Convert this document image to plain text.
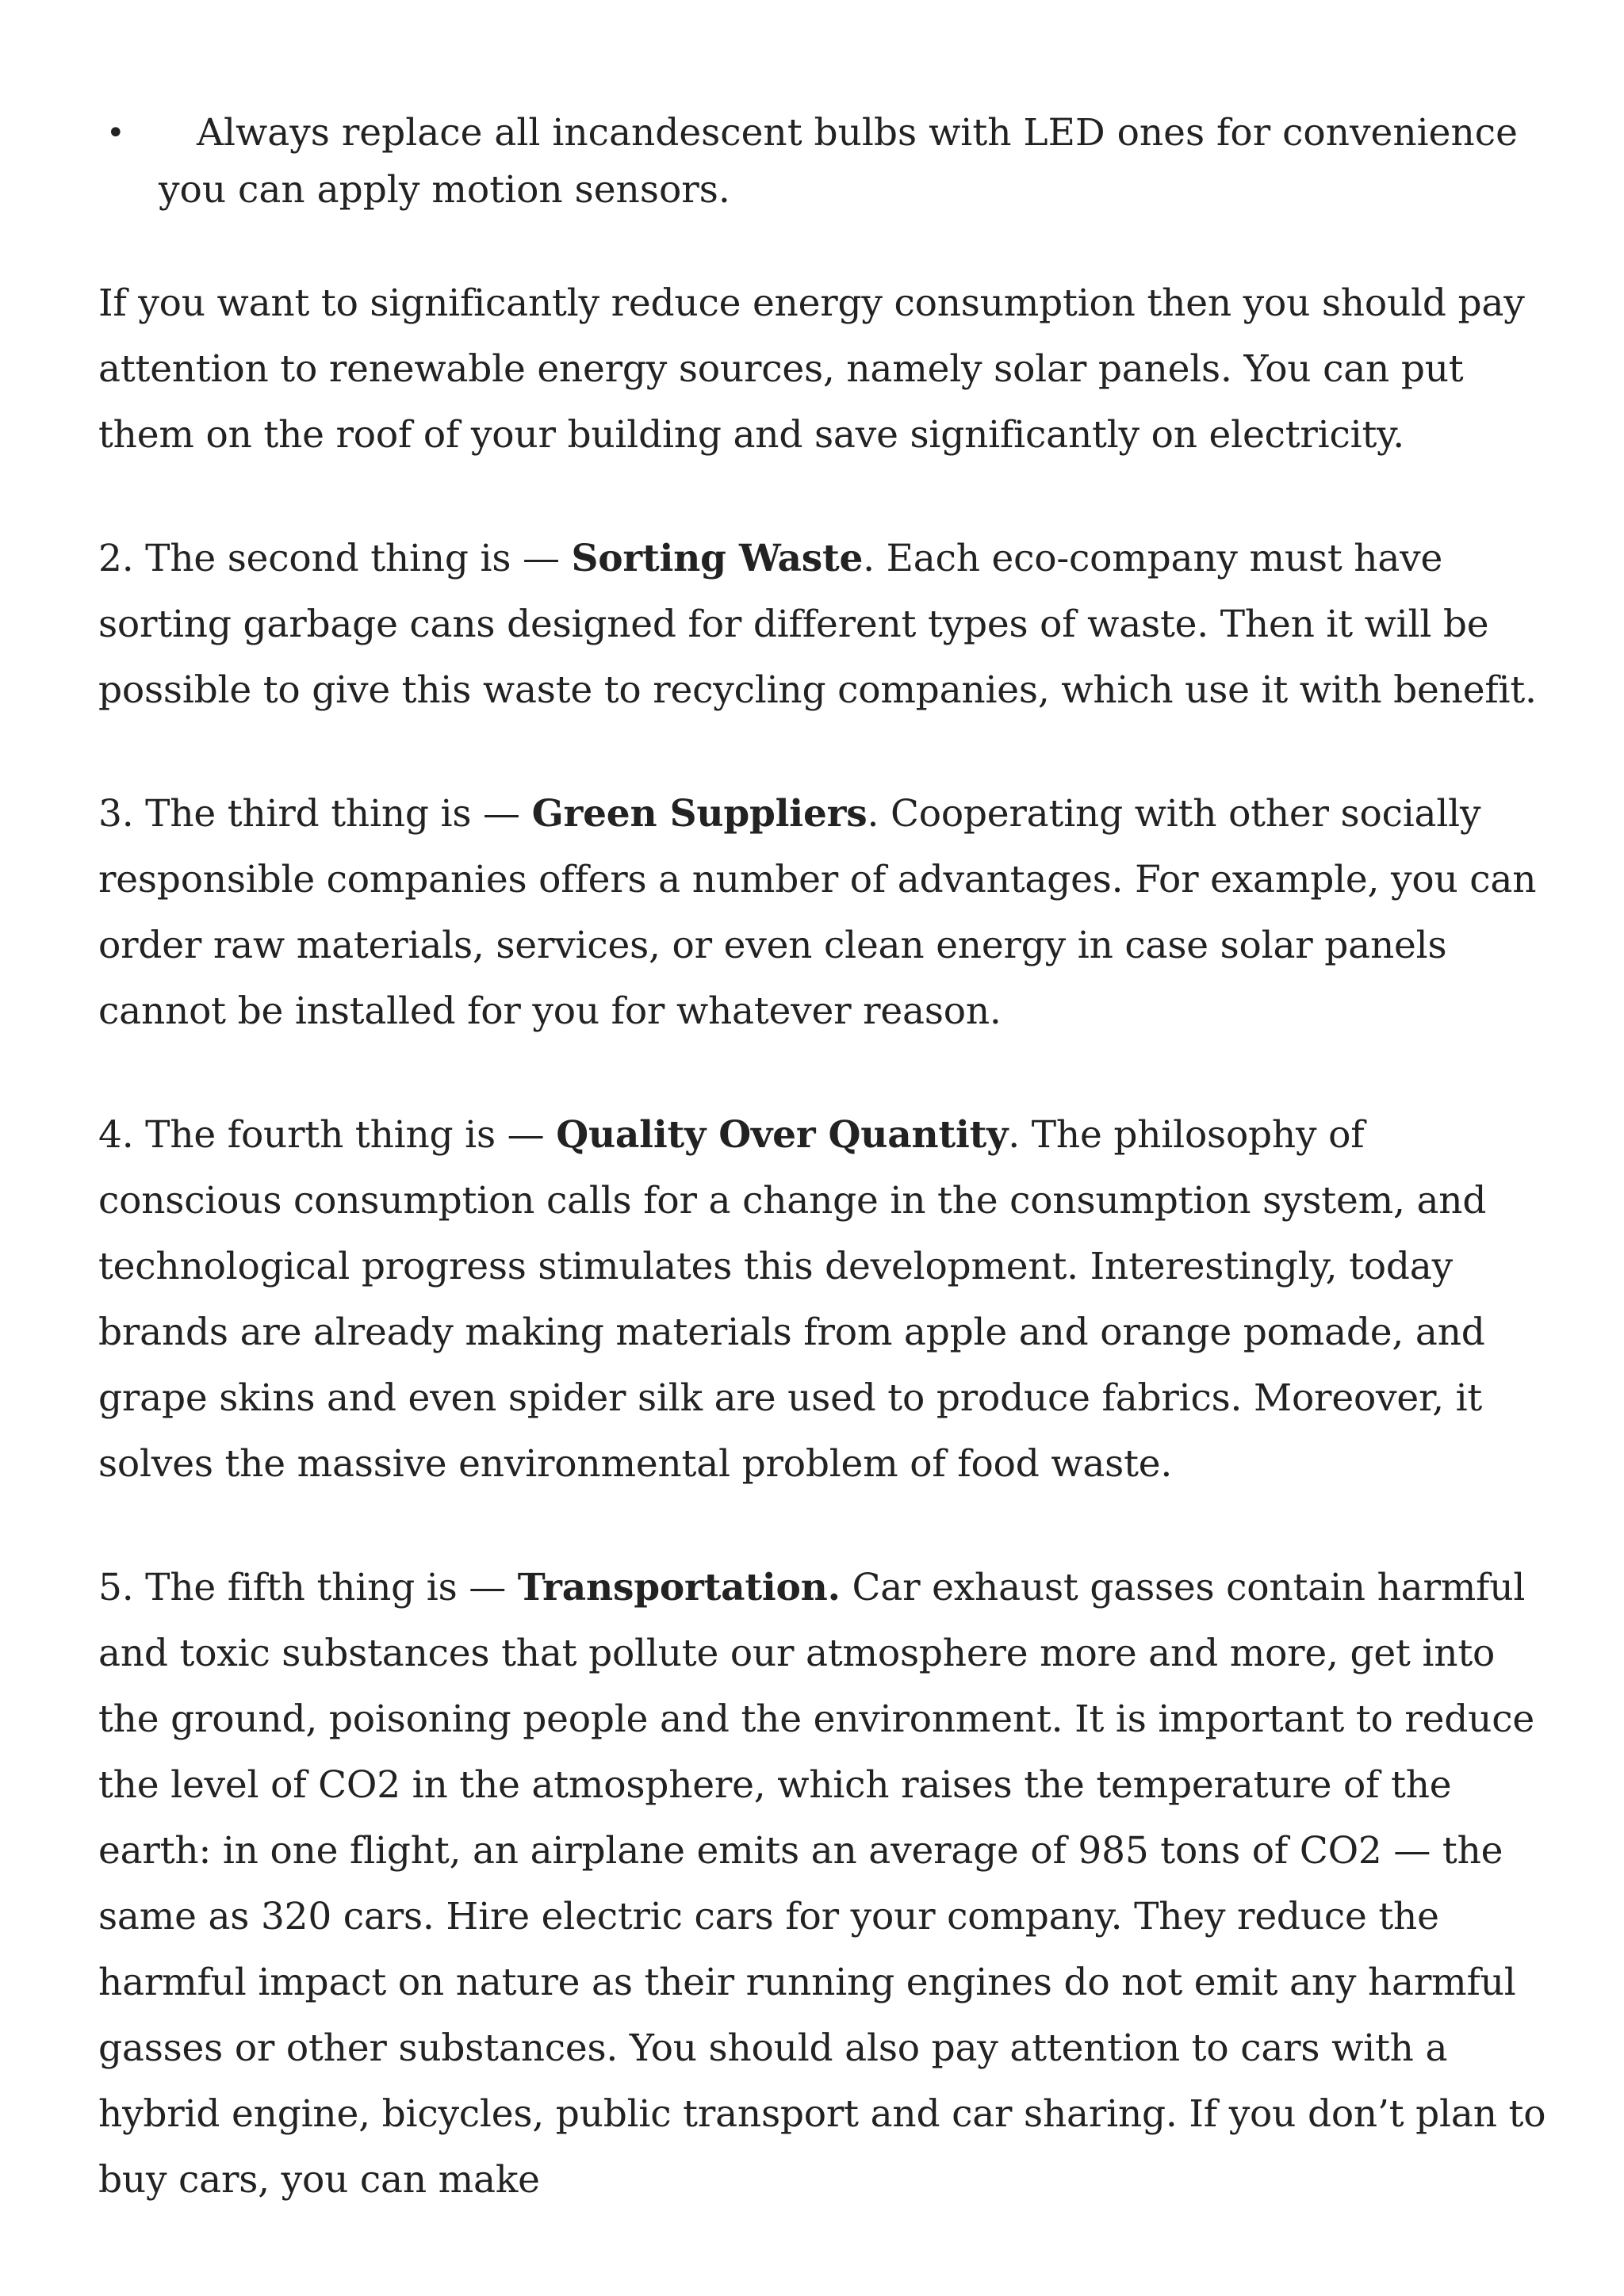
•	Always replace all incandescent bulbs with LED ones for convenience you can apply motion sensors.

If you want to significantly reduce energy consumption then you should pay attention to renewable energy sources, namely solar panels. You can put them on the roof of your building and save significantly on electricity.

2. The second thing is — Sorting Waste. Each eco-company must have sorting garbage cans designed for different types of waste. Then it will be possible to give this waste to recycling companies, which use it with benefit.

3. The third thing is — Green Suppliers. Cooperating with other socially responsible companies offers a number of advantages. For example, you can order raw materials, services, or even clean energy in case solar panels cannot be installed for you for whatever reason.

4. The fourth thing is — Quality Over Quantity. The philosophy of conscious consumption calls for a change in the consumption system, and technological progress stimulates this development. Interestingly, today brands are already making materials from apple and orange pomade, and grape skins and even spider silk are used to produce fabrics. Moreover, it solves the massive environmental problem of food waste.

5. The fifth thing is — Transportation. Car exhaust gasses contain harmful and toxic substances that pollute our atmosphere more and more, get into the ground, poisoning people and the environment. It is important to reduce the level of CO2 in the atmosphere, which raises the temperature of the earth: in one flight, an airplane emits an average of 985 tons of CO2 — the same as 320 cars. Hire electric cars for your company. They reduce the harmful impact on nature as their running engines do not emit any harmful gasses or other substances. You should also pay attention to cars with a hybrid engine, bicycles, public transport and car sharing. If you don’t plan to buy cars, you can make
